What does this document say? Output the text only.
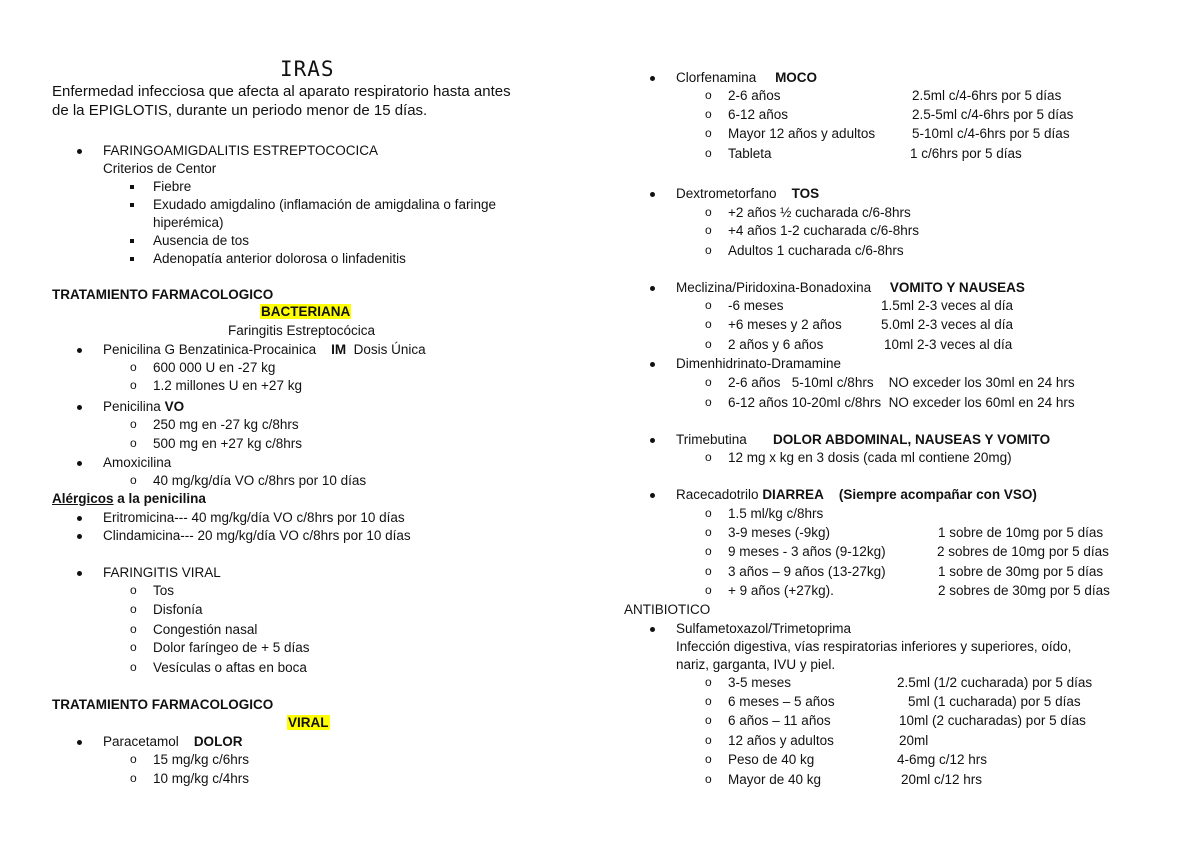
IRAS
Enfermedad infecciosa que afecta al aparato respiratorio hasta antes
de la EPIGLOTIS, durante un periodo menor de 15 días.
FARINGOAMIGDALITIS ESTREPTOCOCICA
Criterios de Centor
Fiebre
Exudado amigdalino (inflamación de amigdalina o faringe
hiperémica)
Ausencia de tos
Adenopatía anterior dolorosa o linfadenitis
TRATAMIENTO FARMACOLOGICO
BACTERIANA
Faringitis Estreptocócica
Penicilina G Benzatinica-Procainica IM Dosis Única
o 600 000 U en -27 kg
o 1.2 millones U en +27 kg
Penicilina VO
o 250 mg en -27 kg c/8hrs
o 500 mg en +27 kg c/8hrs
Amoxicilina
o 40 mg/kg/día VO c/8hrs por 10 días
Alérgicos a la penicilina
Eritromicina--- 40 mg/kg/día VO c/8hrs por 10 días
Clindamicina--- 20 mg/kg/día VO c/8hrs por 10 días
FARINGITIS VIRAL
o Tos
o Disfonía
o Congestión nasal
o Dolor faríngeo de + 5 días
o Vesículas o aftas en boca
TRATAMIENTO FARMACOLOGICO
VIRAL
Paracetamol DOLOR
o 15 mg/kg c/6hrs
o 10 mg/kg c/4hrs
Clorfenamina MOCO
o 2-6 años	2.5ml c/4-6hrs por 5 días
o 6-12 años	2.5-5ml c/4-6hrs por 5 días
o Mayor 12 años y adultos	5-10ml c/4-6hrs por 5 días
o Tableta	1 c/6hrs por 5 días
Dextrometorfano TOS
o +2 años ½ cucharada c/6-8hrs
o +4 años 1-2 cucharada c/6-8hrs
o Adultos 1 cucharada c/6-8hrs
Meclizina/Piridoxina-Bonadoxina VOMITO Y NAUSEAS
o -6 meses	1.5ml 2-3 veces al día
o +6 meses y 2 años	5.0ml 2-3 veces al día
o 2 años y 6 años	10ml 2-3 veces al día
Dimenhidrinato-Dramamine
o 2-6 años   5-10ml c/8hrs    NO exceder los 30ml en 24 hrs
o 6-12 años 10-20ml c/8hrs  NO exceder los 60ml en 24 hrs
Trimebutina DOLOR ABDOMINAL, NAUSEAS Y VOMITO
o 12 mg x kg en 3 dosis (cada ml contiene 20mg)
Racecadotrilo DIARREA (Siempre acompañar con VSO)
o 1.5 ml/kg c/8hrs
o 3-9 meses (-9kg)	1 sobre de 10mg por 5 días
o 9 meses - 3 años (9-12kg)	2 sobres de 10mg por 5 días
o 3 años – 9 años (13-27kg)	1 sobre de 30mg por 5 días
o + 9 años (+27kg).	2 sobres de 30mg por 5 días
ANTIBIOTICO
Sulfametoxazol/Trimetoprima
Infección digestiva, vías respiratorias inferiores y superiores, oído,
nariz, garganta, IVU y piel.
o 3-5 meses	2.5ml (1/2 cucharada) por 5 días
o 6 meses – 5 años	5ml (1 cucharada) por 5 días
o 6 años – 11 años	10ml (2 cucharadas) por 5 días
o 12 años y adultos	20ml
o Peso de 40 kg	4-6mg c/12 hrs
o Mayor de 40 kg	20ml c/12 hrs
